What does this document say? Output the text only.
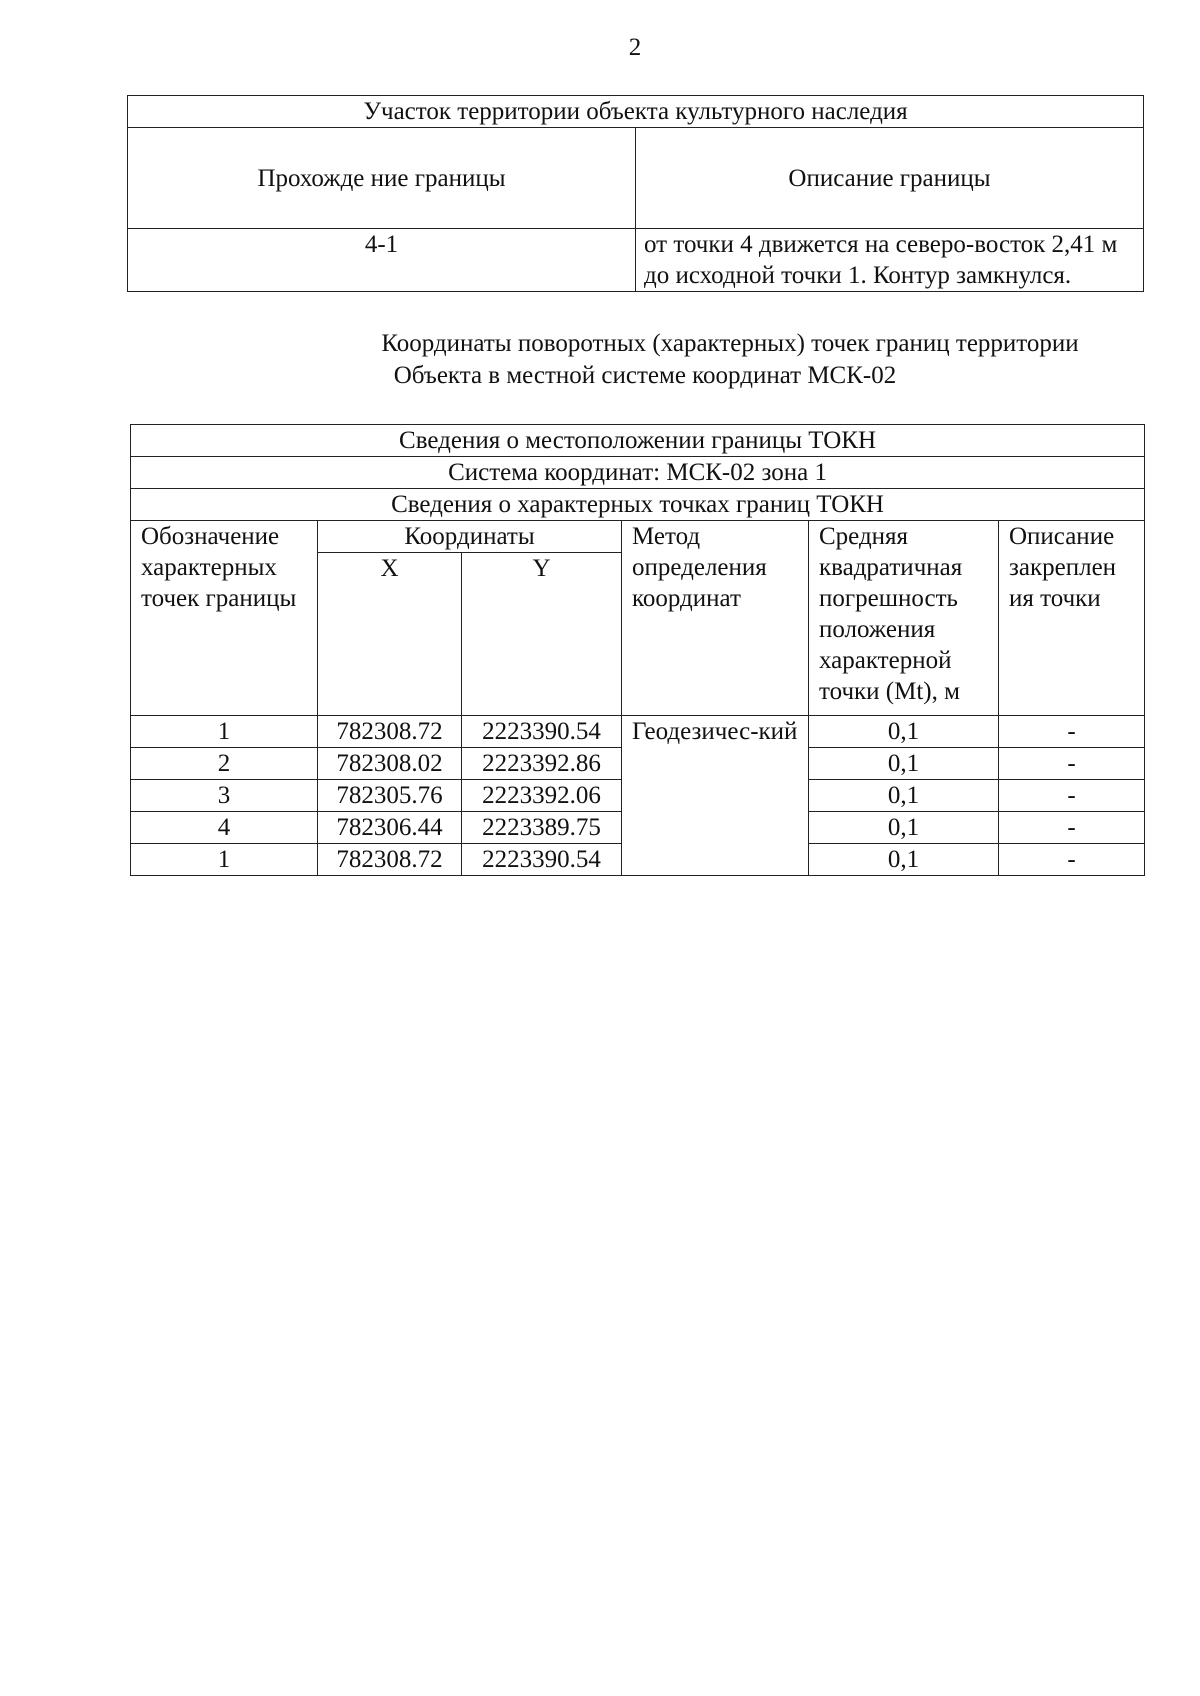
2
Участок территории объекта культурного наследия	
Прохожде ние границы	Описание границы
4-1	от точки 4 движется на северо-восток 2,41 м до исходной точки 1. Контур замкнулся.
Координаты поворотных (характерных) точек границ территории
Объекта в местной системе координат МСК-02
Сведения о местоположении границы ТОКН					
Система координат: МСК-02 зона 1					
Сведения о характерных точках границ ТОКН					
Обозначение характерных точек границы	Координаты		Метод определения координат	Средняя квадратичная погрешность положения характерной точки (Mt), м	Описание закреплен ия точки
	X	Y			
1	782308.72	2223390.54	Геодезичес-кий	0,1	-
2	782308.02	2223392.86		0,1	-
3	782305.76	2223392.06		0,1	-
4	782306.44	2223389.75		0,1	-
1	782308.72	2223390.54		0,1	-
